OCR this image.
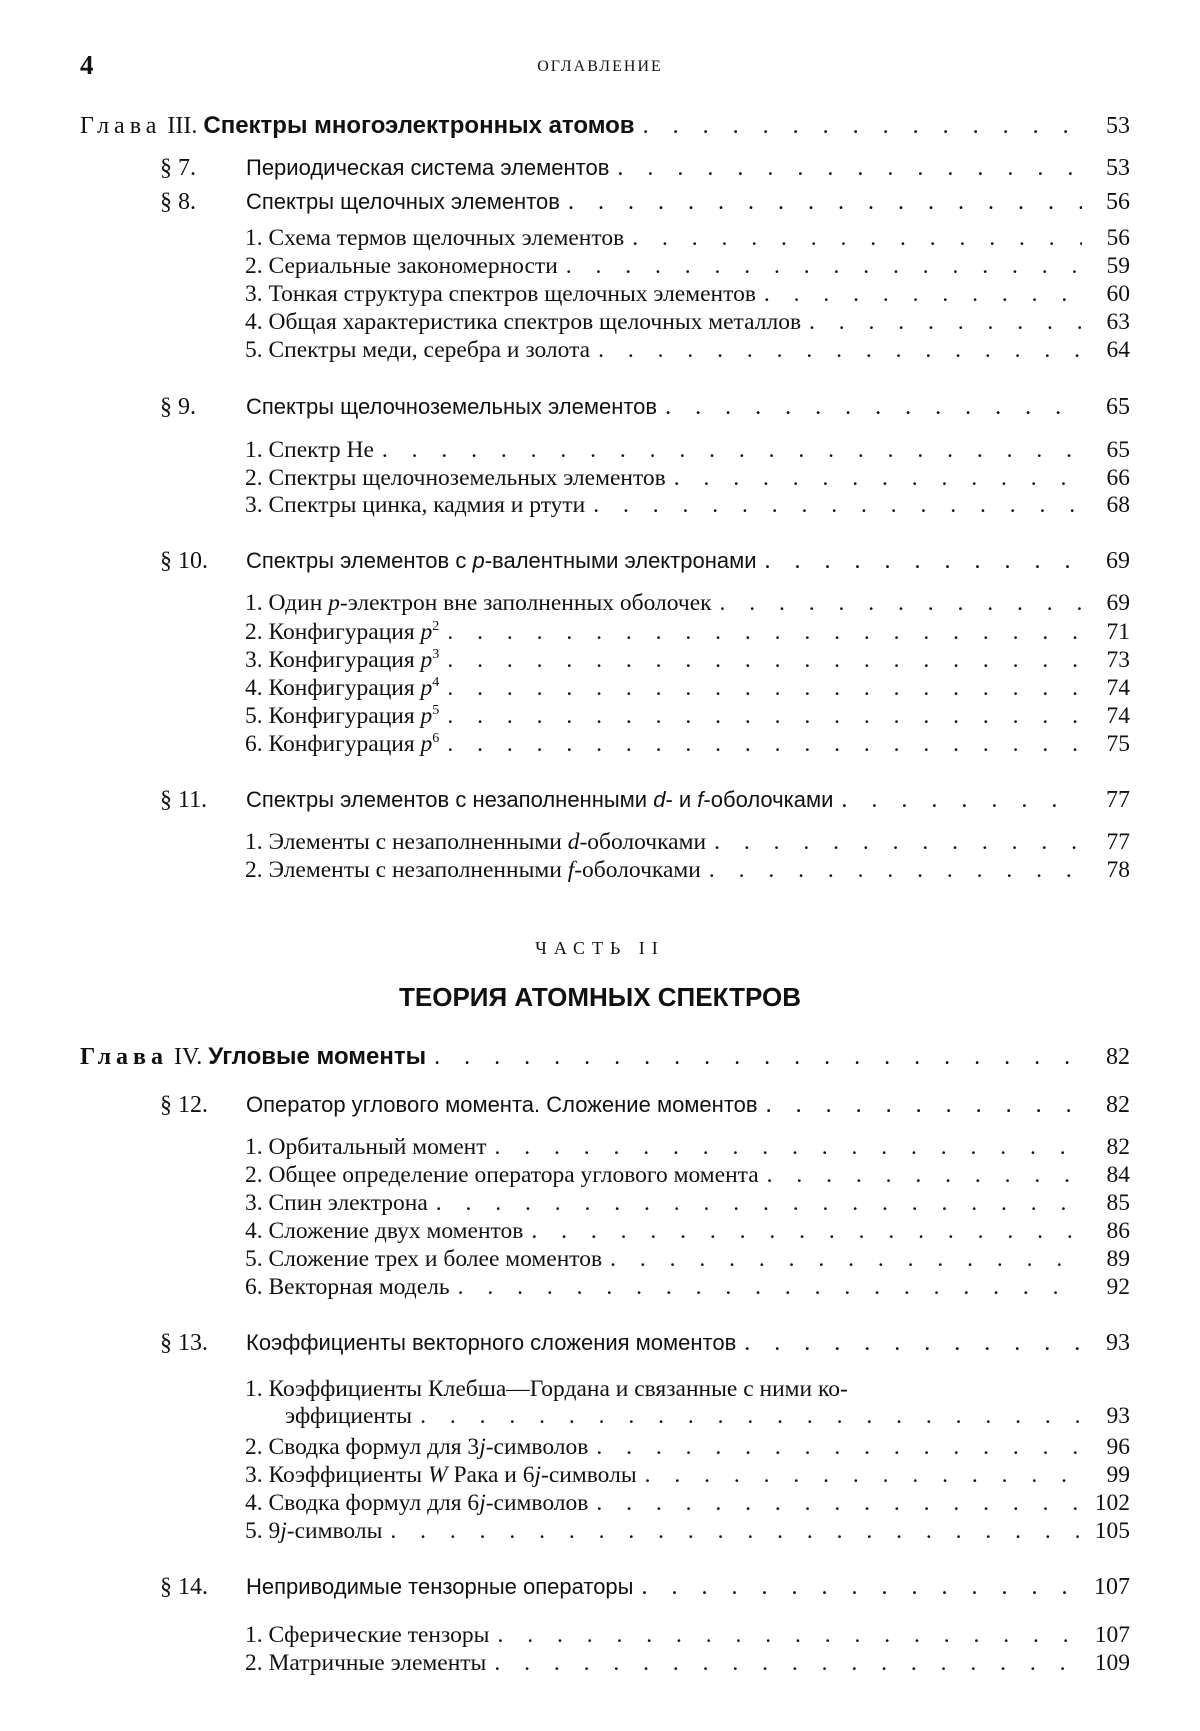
4	ОГЛАВЛЕНИЕ
Глава III. Спектры многоэлектронных атомов . . .	53
§ 7. Периодическая система элементов . . .	53
§ 8. Спектры щелочных элементов . . .	56
1. Схема термов щелочных элементов . . .	56
2. Сериальные закономерности . . .	59
3. Тонкая структура спектров щелочных элементов . . .	60
4. Общая характеристика спектров щелочных металлов . . .	63
5. Спектры меди, серебра и золота . . .	64
§ 9. Спектры щелочноземельных элементов . . .	65
1. Спектр Не . . .	65
2. Спектры щелочноземельных элементов . . .	66
3. Спектры цинка, кадмия и ртути . . .	68
§ 10. Спектры элементов с p-валентными электронами . . .	69
1. Один p-электрон вне заполненных оболочек . . .	69
2. Конфигурация $p^2$ . . .	71
3. Конфигурация $p^3$ . . .	73
4. Конфигурация $p^4$ . . .	74
5. Конфигурация $p^5$ . . .	74
6. Конфигурация $p^6$ . . .	75
§ 11. Спектры элементов с незаполненными d- и f-оболочками . . .	77
1. Элементы с незаполненными d-оболочками . . .	77
2. Элементы с незаполненными f-оболочками . . .	78
ЧАСТЬ II
ТЕОРИЯ АТОМНЫХ СПЕКТРОВ
Глава IV. Угловые моменты . . .	82
§ 12. Оператор углового момента. Сложение моментов . . .	82
1. Орбитальный момент . . .	82
2. Общее определение оператора углового момента . . .	84
3. Спин электрона . . .	85
4. Сложение двух моментов . . .	86
5. Сложение трех и более моментов . . .	89
6. Векторная модель . . .	92
§ 13. Коэффициенты векторного сложения моментов . . .	93
1. Коэффициенты Клебша—Гордана и связанные с ними ко-
эффициенты . . .	93
2. Сводка формул для 3j-символов . . .	96
3. Коэффициенты W Рака и 6j-символы . . .	99
4. Сводка формул для 6j-символов . . .	102
5. 9j-символы . . .	105
§ 14. Неприводимые тензорные операторы . . .	107
1. Сферические тензоры . . .	107
2. Матричные элементы . . .	109
